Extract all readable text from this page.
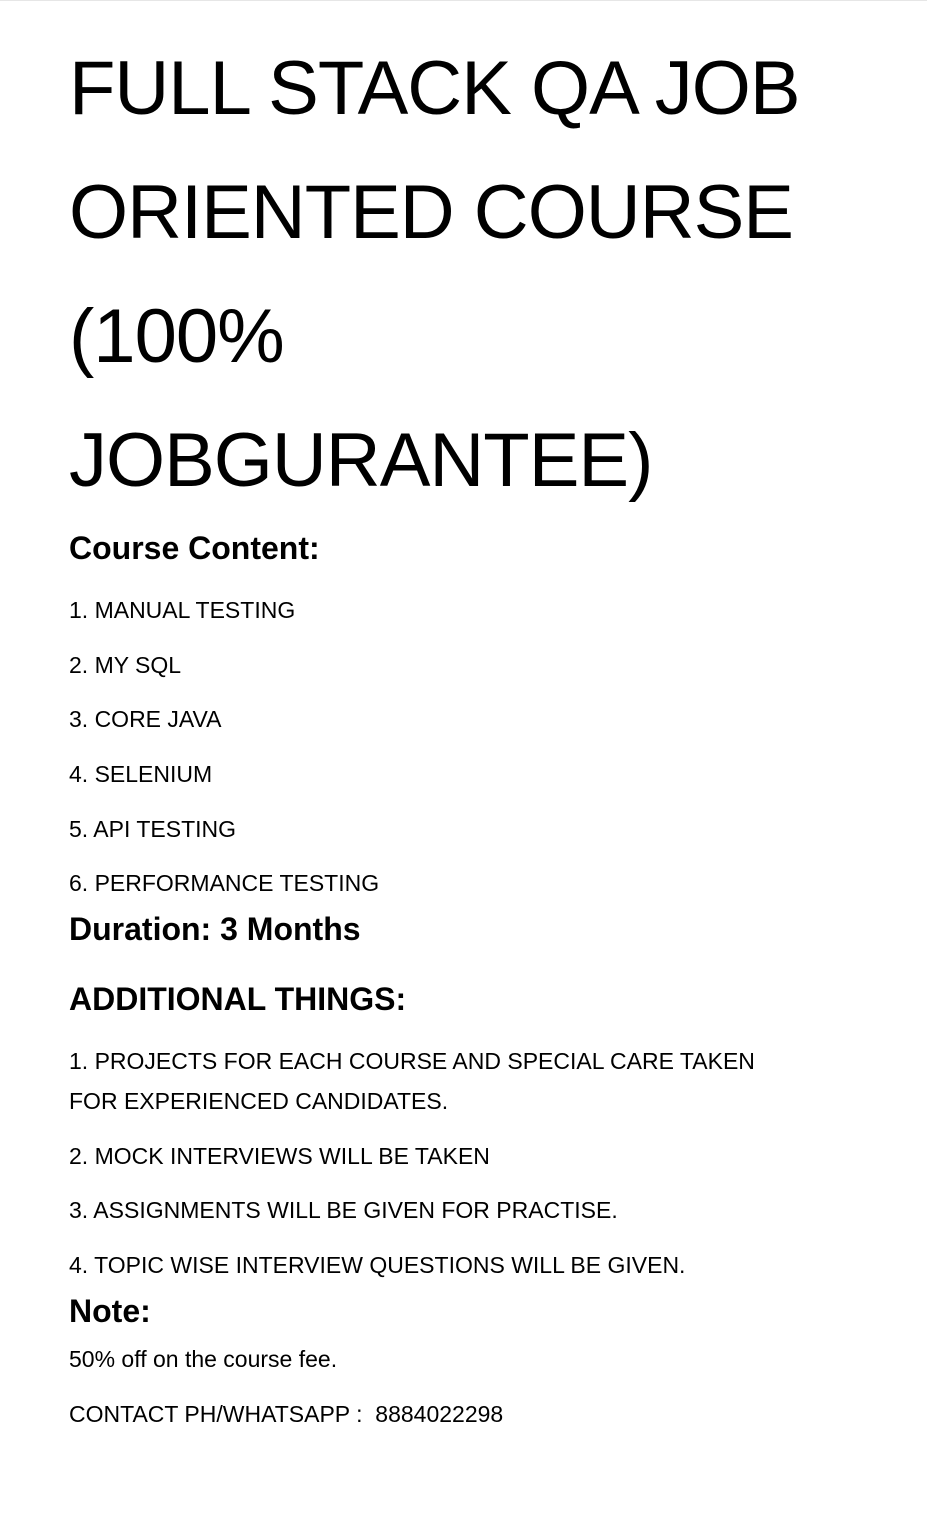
FULL STACK QA JOB
ORIENTED COURSE
(100%
JOBGURANTEE)
Course Content:

1. MANUAL TESTING

2. MY SQL

3. CORE JAVA

4. SELENIUM

5. API TESTING

6. PERFORMANCE TESTING

Duration: 3 Months
ADDITIONAL THINGS:

1. PROJECTS FOR EACH COURSE AND SPECIAL CARE TAKEN FOR EXPERIENCED CANDIDATES.

2. MOCK INTERVIEWS WILL BE TAKEN

3. ASSIGNMENTS WILL BE GIVEN FOR PRACTISE.

4. TOPIC WISE INTERVIEW QUESTIONS WILL BE GIVEN.

Note:

50% off on the course fee.

CONTACT PH/WHATSAPP :  8884022298
